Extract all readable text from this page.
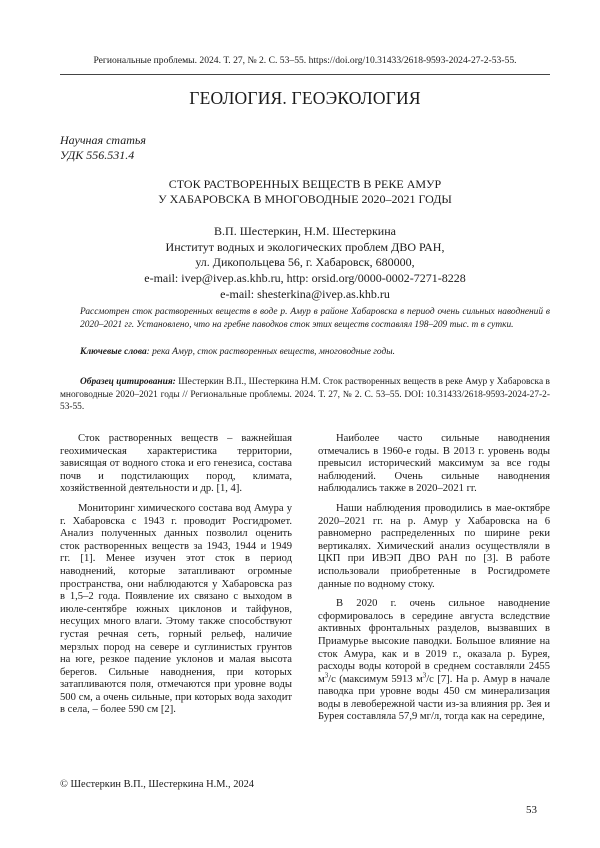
Региональные проблемы. 2024. Т. 27, № 2. С. 53–55. https://doi.org/10.31433/2618-9593-2024-27-2-53-55.
ГЕОЛОГИЯ. ГЕОЭКОЛОГИЯ
Научная статья
УДК 556.531.4
СТОК РАСТВОРЕННЫХ ВЕЩЕСТВ В РЕКЕ АМУР
У ХАБАРОВСКА В МНОГОВОДНЫЕ 2020–2021 ГОДЫ
В.П. Шестеркин, Н.М. Шестеркина
Институт водных и экологических проблем ДВО РАН,
ул. Дикопольцева 56, г. Хабаровск, 680000,
e-mail: ivep@ivep.as.khb.ru, http: orsid.org/0000-0002-7271-8228
e-mail: shesterkina@ivep.as.khb.ru
Рассмотрен сток растворенных веществ в воде р. Амур в районе Хабаровска в период очень сильных наводнений в 2020–2021 гг. Установлено, что на гребне паводков сток этих веществ составлял 198–209 тыс. т в сутки.
Ключевые слова: река Амур, сток растворенных веществ, многоводные годы.
Образец цитирования: Шестеркин В.П., Шестеркина Н.М. Сток растворенных веществ в реке Амур у Хабаровска в многоводные 2020–2021 годы // Региональные проблемы. 2024. Т. 27, № 2. С. 53–55. DOI: 10.31433/2618-9593-2024-27-2-53-55.

Сток растворенных веществ – важнейшая геохимическая характеристика территории, зависящая от водного стока и его генезиса, состава почв и подстилающих пород, климата, хозяйственной деятельности и др. [1, 4].

Мониторинг химического состава вод Амура у г. Хабаровска с 1943 г. проводит Росгидромет. Анализ полученных данных позволил оценить сток растворенных веществ за 1943, 1944 и 1949 гг. [1]. Менее изучен этот сток в период наводнений, которые затапливают огромные пространства, они наблюдаются у Хабаровска раз в 1,5–2 года. Появление их связано с выходом в июле-сентябре южных циклонов и тайфунов, несущих много влаги. Этому также способствуют густая речная сеть, горный рельеф, наличие мерзлых пород на севере и суглинистых грунтов на юге, резкое падение уклонов и малая высота берегов. Сильные наводнения, при которых затапливаются поля, отмечаются при уровне воды 500 см, а очень сильные, при которых вода заходит в села, – более 590 см [2].

Наиболее часто сильные наводнения отмечались в 1960-е годы. В 2013 г. уровень воды превысил исторический максимум за все годы наблюдений. Очень сильные наводнения наблюдались также в 2020–2021 гг.

Наши наблюдения проводились в мае-октябре 2020–2021 гг. на р. Амур у Хабаровска на 6 равномерно распределенных по ширине реки вертикалях. Химический анализ осуществляли в ЦКП при ИВЭП ДВО РАН по [3]. В работе использовали приобретенные в Росгидромете данные по водному стоку.

В 2020 г. очень сильное наводнение сформировалось в середине августа вследствие активных фронтальных разделов, вызвавших в Приамурье высокие паводки. Большое влияние на сток Амура, как и в 2019 г., оказала р. Бурея, расходы воды которой в среднем составляли 2455 $м^3/с$ (максимум 5913 $м^3/с$ [7]. На р. Амур в начале паводка при уровне воды 450 см минерализация воды в левобережной части из-за влияния рр. Зея и Бурея составляла 57,9 мг/л, тогда как на середине,

© Шестеркин В.П., Шестеркина Н.М., 2024
53
